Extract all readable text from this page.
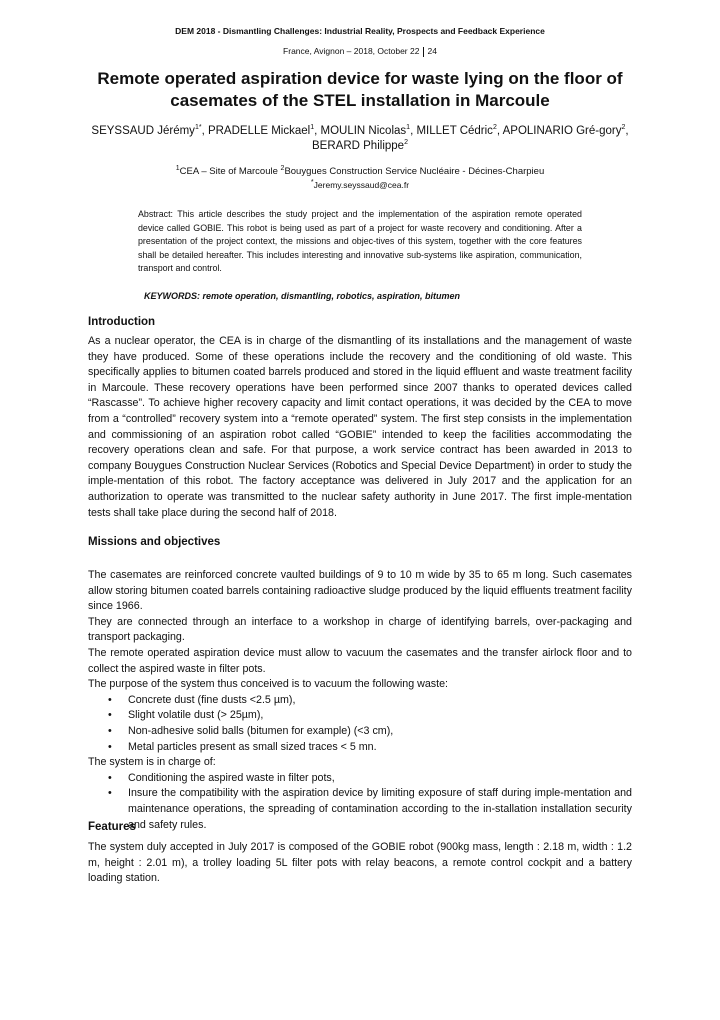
DEM 2018 - Dismantling Challenges: Industrial Reality, Prospects and Feedback Experience
France, Avignon – 2018, October 22 24
Remote operated aspiration device for waste lying on the floor of
casemates of the STEL installation in Marcoule
SEYSSAUD Jérémy$^{1*}$, PRADELLE Mickael$^1$, MOULIN Nicolas$^1$, MILLET Cédric$^2$, APOLINARIO Gré-gory$^2$, BERARD Philippe$^2$
$^1$CEA – Site of Marcoule $^2$Bouygues Construction Service Nucléaire - Décines-Charpieu
*Jeremy.seyssaud@cea.fr
Abstract: This article describes the study project and the implementation of the aspiration remote operated device called GOBIE. This robot is being used as part of a project for waste recovery and conditioning. After a presentation of the project context, the missions and objec-tives of this system, together with the core features shall be detailed hereafter. This includes interesting and innovative sub-systems like aspiration, communication, transport and control.
KEYWORDS: remote operation, dismantling, robotics, aspiration, bitumen
Introduction
As a nuclear operator, the CEA is in charge of the dismantling of its installations and the management of waste they have produced. Some of these operations include the recovery and the conditioning of old waste. This specifically applies to bitumen coated barrels produced and stored in the liquid effluent and waste treatment facility in Marcoule. These recovery operations have been performed since 2007 thanks to operated devices called “Rascasse”. To achieve higher recovery capacity and limit contact operations, it was decided by the CEA to move from a “controlled” recovery system into a “remote operated” system. The first step consists in the implementation and commissioning of an aspiration robot called “GOBIE” intended to keep the facilities accommodating the recovery operations clean and safe. For that purpose, a work service contract has been awarded in 2013 to company Bouygues Construction Nuclear Services (Robotics and Special Device Department) in order to study the imple-mentation of this robot. The factory acceptance was delivered in July 2017 and the application for an authorization to operate was transmitted to the nuclear safety authority in June 2017. The first imple-mentation tests shall take place during the second half of 2018.
Missions and objectives

The casemates are reinforced concrete vaulted buildings of 9 to 10 m wide by 35 to 65 m long. Such casemates allow storing bitumen coated barrels containing radioactive sludge produced by the liquid effluents treatment facility since 1966.

They are connected through an interface to a workshop in charge of identifying barrels, over-packaging and transport packaging.

The remote operated aspiration device must allow to vacuum the casemates and the transfer airlock floor and to collect the aspired waste in filter pots.

The purpose of the system thus conceived is to vacuum the following waste:

• Concrete dust (fine dusts <2.5 µm),
• Slight volatile dust (> 25µm),
• Non-adhesive solid balls (bitumen for example) (<3 cm),
• Metal particles present as small sized traces < 5 mn.

The system is in charge of:

• Conditioning the aspired waste in filter pots,
• Insure the compatibility with the aspiration device by limiting exposure of staff during imple-mentation and maintenance operations, the spreading of contamination according to the in-stallation installation security and safety rules.
Features
The system duly accepted in July 2017 is composed of the GOBIE robot (900kg mass, length : 2.18 m, width : 1.2 m, height : 2.01 m), a trolley loading 5L filter pots with relay beacons, a remote control cockpit and a battery loading station.
